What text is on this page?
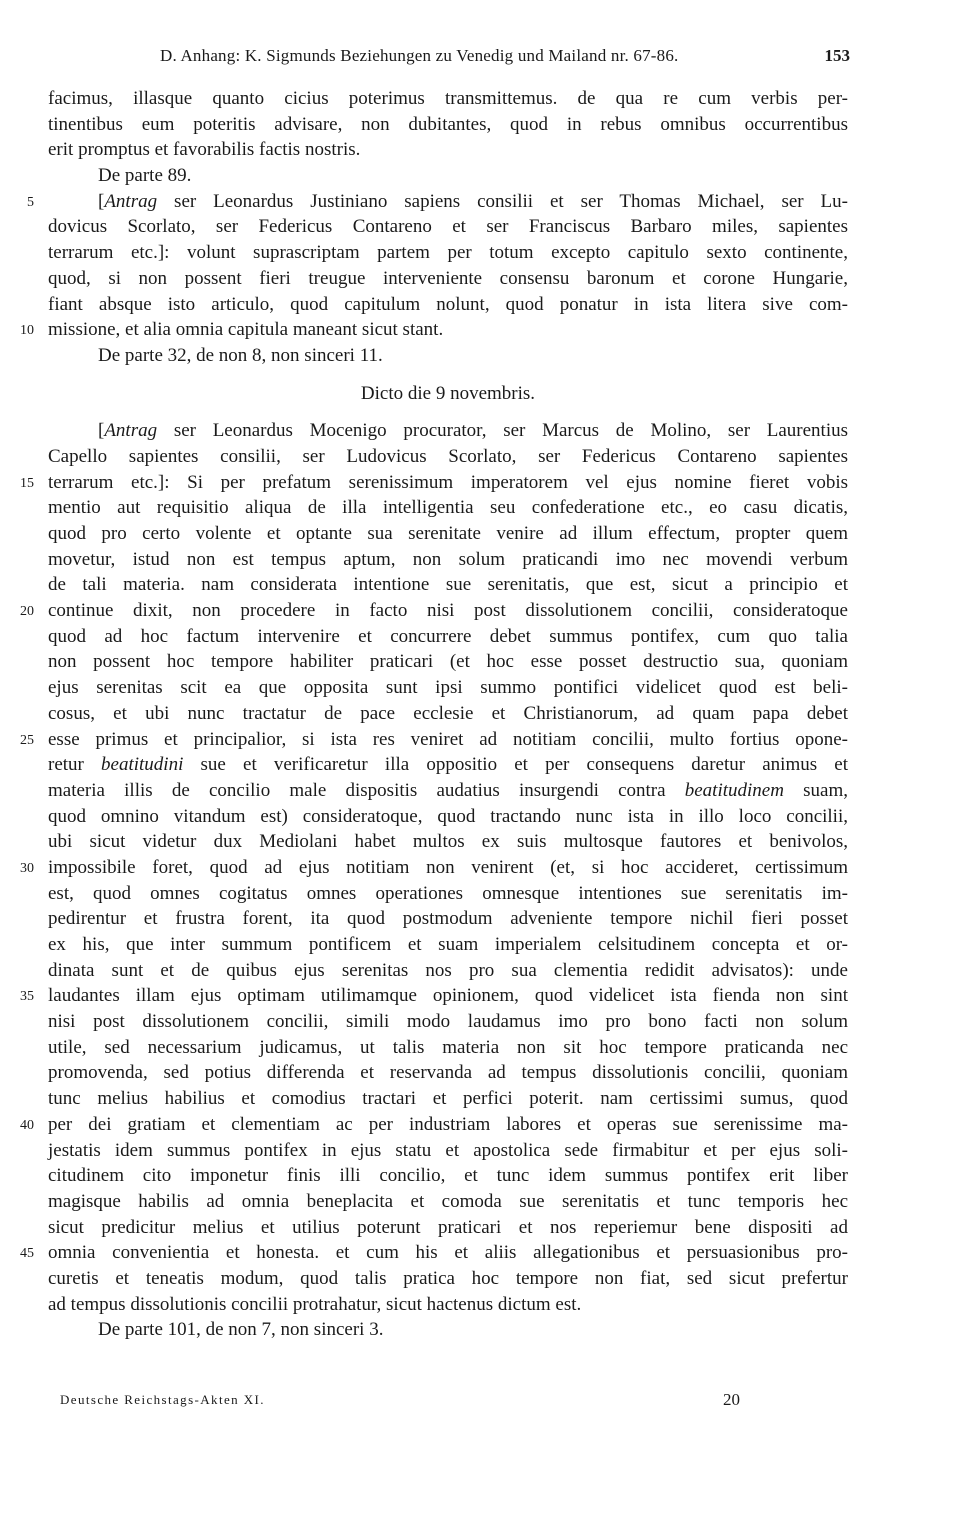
D. Anhang: K. Sigmunds Beziehungen zu Venedig und Mailand nr. 67-86.	153
facimus, illasque quanto cicius poterimus transmittemus. de qua re cum verbis per-
tinentibus eum poteritis advisare, non dubitantes, quod in rebus omnibus occurrentibus
erit promptus et favorabilis factis nostris.
De parte 89.
5	[Antrag ser Leonardus Justiniano sapiens consilii et ser Thomas Michael, ser Lu-
dovicus Scorlato, ser Federicus Contareno et ser Franciscus Barbaro miles, sapientes
terrarum etc.]: volunt suprascriptam partem per totum excepto capitulo sexto continente,
quod, si non possent fieri treugue interveniente consensu baronum et corone Hungarie,
fiant absque isto articulo, quod capitulum nolunt, quod ponatur in ista litera sive com-
10 missione, et alia omnia capitula maneant sicut stant.
De parte 32, de non 8, non sinceri 11.
Dicto die 9 novembris.
[Antrag ser Leonardus Mocenigo procurator, ser Marcus de Molino, ser Laurentius
Capello sapientes consilii, ser Ludovicus Scorlato, ser Federicus Contareno sapientes
15 terrarum etc.]: Si per prefatum serenissimum imperatorem vel ejus nomine fieret vobis
mentio aut requisitio aliqua de illa intelligentia seu confederatione etc., eo casu dicatis,
quod pro certo volente et optante sua serenitate venire ad illum effectum, propter quem
movetur, istud non est tempus aptum, non solum praticandi imo nec movendi verbum
de tali materia. nam considerata intentione sue serenitatis, que est, sicut a principio et
20 continue dixit, non procedere in facto nisi post dissolutionem concilii, consideratoque
quod ad hoc factum intervenire et concurrere debet summus pontifex, cum quo talia
non possent hoc tempore habiliter praticari (et hoc esse posset destructio sua, quoniam
ejus serenitas scit ea que opposita sunt ipsi summo pontifici videlicet quod est beli-
cosus, et ubi nunc tractatur de pace ecclesie et Christianorum, ad quam papa debet
25 esse primus et principalior, si ista res veniret ad notitiam concilii, multo fortius opone-
retur beatitudini sue et verificaretur illa oppositio et per consequens daretur animus et
materia illis de concilio male dispositis audatius insurgendi contra beatitudinem suam,
quod omnino vitandum est) consideratoque, quod tractando nunc ista in illo loco concilii,
ubi sicut videtur dux Mediolani habet multos ex suis multosque fautores et benivolos,
30 impossibile foret, quod ad ejus notitiam non venirent (et, si hoc accideret, certissimum
est, quod omnes cogitatus omnes operationes omnesque intentiones sue serenitatis im-
pedirentur et frustra forent, ita quod postmodum adveniente tempore nichil fieri posset
ex his, que inter summum pontificem et suam imperialem celsitudinem concepta et or-
dinata sunt et de quibus ejus serenitas nos pro sua clementia redidit advisatos): unde
35 laudantes illam ejus optimam utilimamque opinionem, quod videlicet ista fienda non sint
nisi post dissolutionem concilii, simili modo laudamus imo pro bono facti non solum
utile, sed necessarium judicamus, ut talis materia non sit hoc tempore praticanda nec
promovenda, sed potius differenda et reservanda ad tempus dissolutionis concilii, quoniam
tunc melius habilius et comodius tractari et perfici poterit. nam certissimi sumus, quod
40 per dei gratiam et clementiam ac per industriam labores et operas sue serenissime ma-
jestatis idem summus pontifex in ejus statu et apostolica sede firmabitur et per ejus soli-
citudinem cito imponetur finis illi concilio, et tunc idem summus pontifex erit liber
magisque habilis ad omnia beneplacita et comoda sue serenitatis et tunc temporis hec
sicut predicitur melius et utilius poterunt praticari et nos reperiemur bene dispositi ad
45 omnia convenientia et honesta. et cum his et aliis allegationibus et persuasionibus pro-
curetis et teneatis modum, quod talis pratica hoc tempore non fiat, sed sicut prefertur
ad tempus dissolutionis concilii protrahatur, sicut hactenus dictum est.
De parte 101, de non 7, non sinceri 3.
Deutsche Reichstags-Akten XI.	20
